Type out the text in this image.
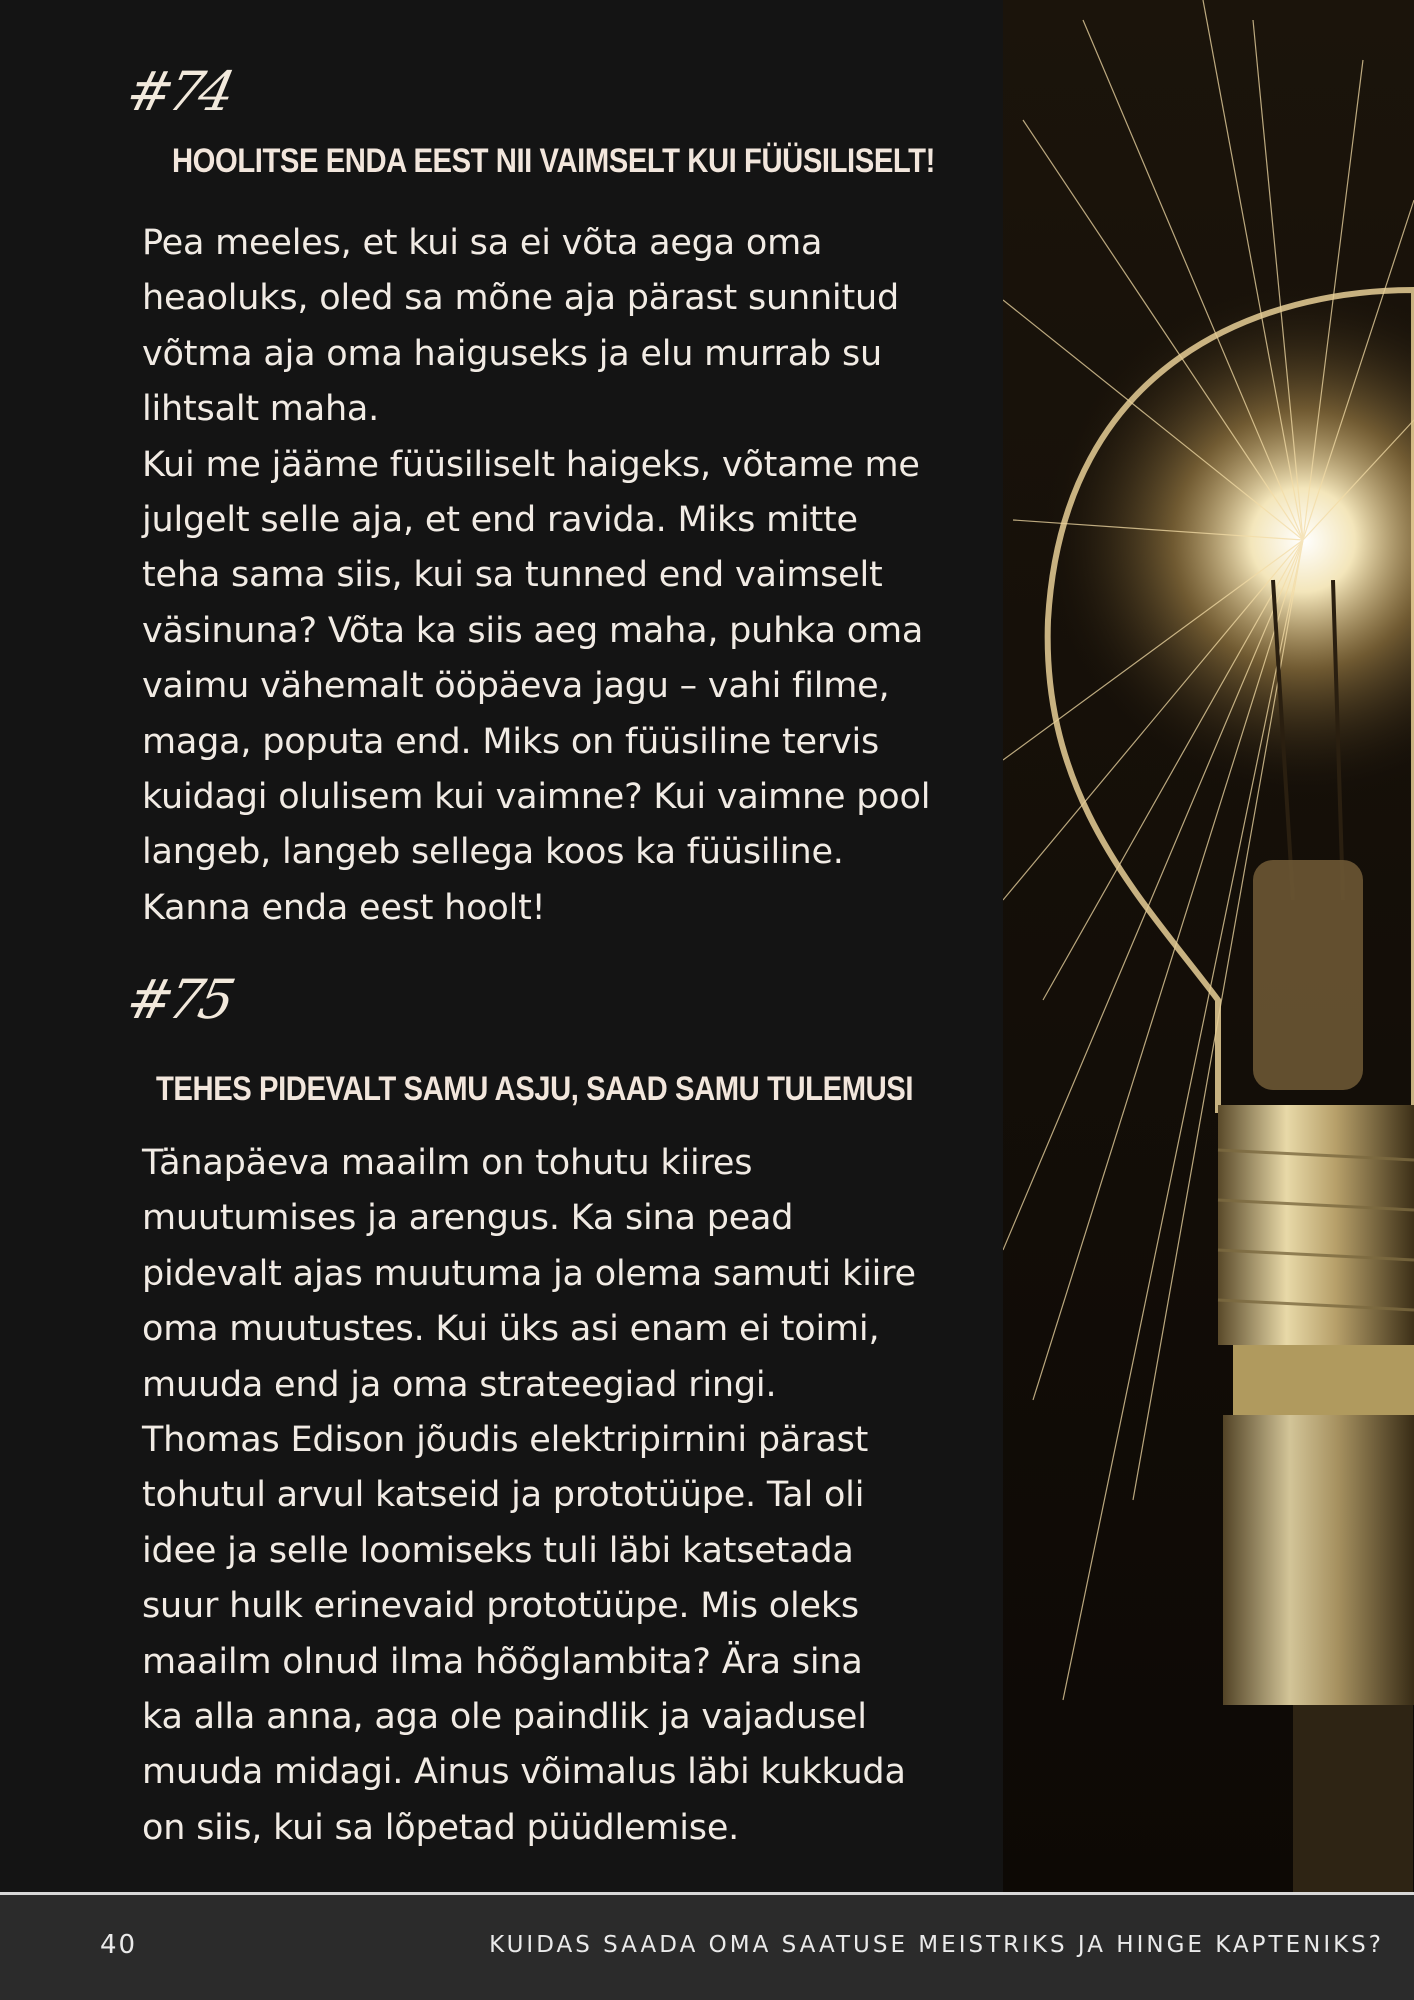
#74
HOOLITSE ENDA EEST NII VAIMSELT KUI FÜÜSILISELT!
Pea meeles, et kui sa ei võta aega oma
heaoluks, oled sa mõne aja pärast sunnitud
võtma aja oma haiguseks ja elu murrab su
lihtsalt maha.
Kui me jääme füüsiliselt haigeks, võtame me
julgelt selle aja, et end ravida. Miks mitte
teha sama siis, kui sa tunned end vaimselt
väsinuna? Võta ka siis aeg maha, puhka oma
vaimu vähemalt ööpäeva jagu – vahi filme,
maga, poputa end. Miks on füüsiline tervis
kuidagi olulisem kui vaimne? Kui vaimne pool
langeb, langeb sellega koos ka füüsiline.
Kanna enda eest hoolt!
#75
TEHES PIDEVALT SAMU ASJU, SAAD SAMU TULEMUSI
Tänapäeva maailm on tohutu kiires
muutumises ja arengus. Ka sina pead
pidevalt ajas muutuma ja olema samuti kiire
oma muutustes. Kui üks asi enam ei toimi,
muuda end ja oma strateegiad ringi.
Thomas Edison jõudis elektripirnini pärast
tohutul arvul katseid ja prototüüpe. Tal oli
idee ja selle loomiseks tuli läbi katsetada
suur hulk erinevaid prototüüpe. Mis oleks
maailm olnud ilma hõõglambita? Ära sina
ka alla anna, aga ole paindlik ja vajadusel
muuda midagi. Ainus võimalus läbi kukkuda
on siis, kui sa lõpetad püüdlemise.
40	KUIDAS SAADA OMA SAATUSE MEISTRIKS JA HINGE KAPTENIKS?
